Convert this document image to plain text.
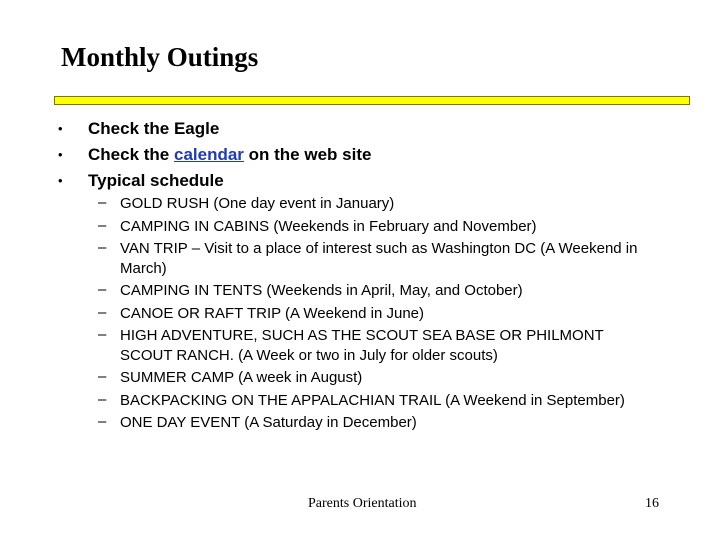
Monthly Outings
• Check the Eagle
• Check the calendar on the web site
• Typical schedule
– GOLD RUSH (One day event in January)
– CAMPING IN CABINS (Weekends in February and November)
– VAN TRIP – Visit to a place of interest such as Washington DC (A Weekend in March)
– CAMPING IN TENTS (Weekends in April, May, and October)
– CANOE OR RAFT TRIP (A Weekend in June)
– HIGH ADVENTURE, SUCH AS THE SCOUT SEA BASE OR PHILMONT SCOUT RANCH. (A Week or two in July for older scouts)
– SUMMER CAMP (A week in August)
– BACKPACKING ON THE APPALACHIAN TRAIL (A Weekend in September)
– ONE DAY EVENT (A Saturday in December)
Parents Orientation	16
